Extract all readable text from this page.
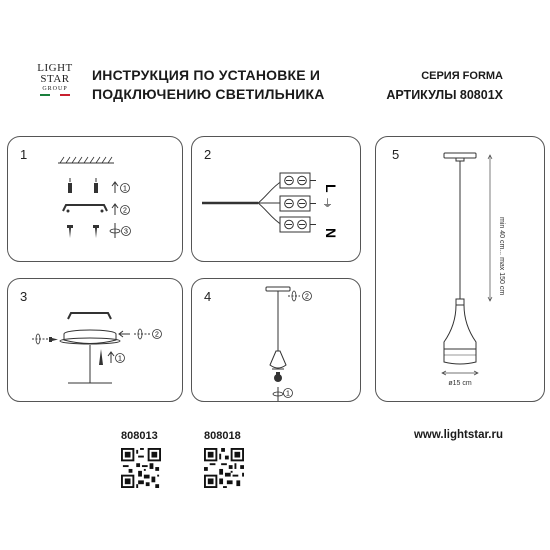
LIGHT
STAR
GROUP
ИНСТРУКЦИЯ ПО УСТАНОВКЕ И
ПОДКЛЮЧЕНИЮ СВЕТИЛЬНИКА
СЕРИЯ FORMA
АРТИКУЛЫ 80801X
1
1
2
3
2
L
⏚
N
3
2
1
4	2
1
5
min 40 cm... max 150 cm
ø15 cm
808013	808018	www.lightstar.ru
